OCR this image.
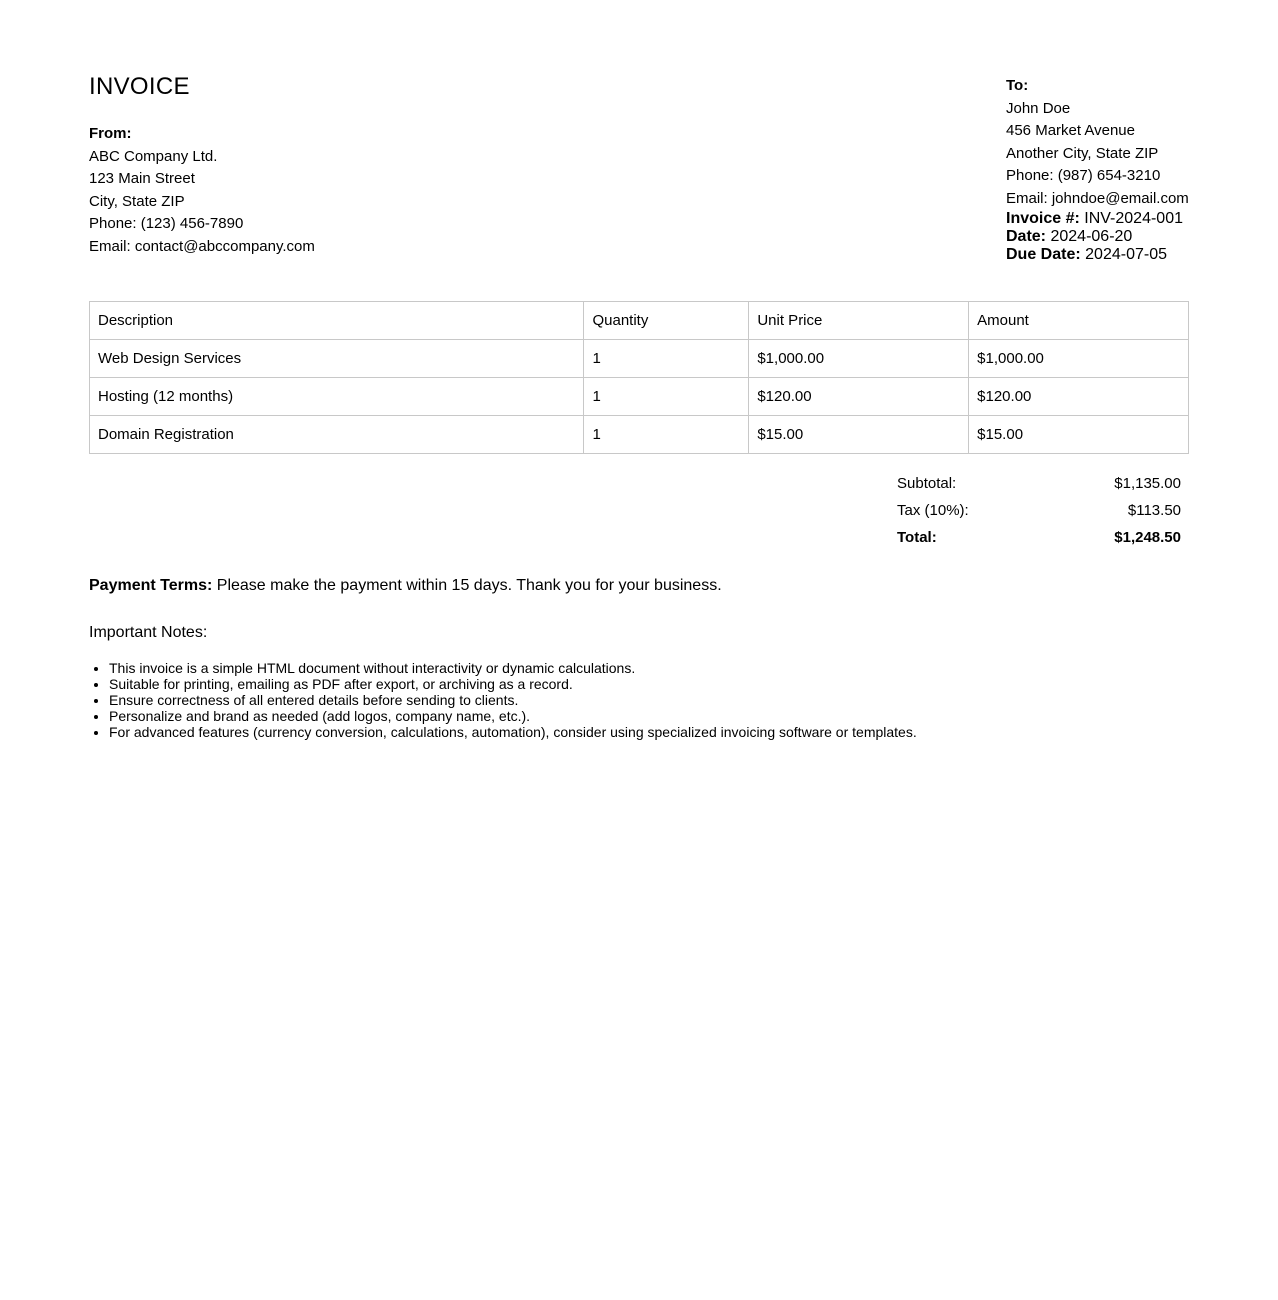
INVOICE
From:
ABC Company Ltd.
123 Main Street
City, State ZIP
Phone: (123) 456-7890
Email: contact@abccompany.com
To:
John Doe
456 Market Avenue
Another City, State ZIP
Phone: (987) 654-3210
Email: johndoe@email.com
Invoice #: INV-2024-001
Date: 2024-06-20
Due Date: 2024-07-05
Description	Quantity	Unit Price	Amount
Web Design Services	1	$1,000.00	$1,000.00
Hosting (12 months)	1	$120.00	$120.00
Domain Registration	1	$15.00	$15.00
Subtotal:	$1,135.00
Tax (10%):	$113.50
Total:	$1,248.50
Payment Terms: Please make the payment within 15 days. Thank you for your business.
Important Notes:
• This invoice is a simple HTML document without interactivity or dynamic calculations.
• Suitable for printing, emailing as PDF after export, or archiving as a record.
• Ensure correctness of all entered details before sending to clients.
• Personalize and brand as needed (add logos, company name, etc.).
• For advanced features (currency conversion, calculations, automation), consider using specialized invoicing software or templates.
